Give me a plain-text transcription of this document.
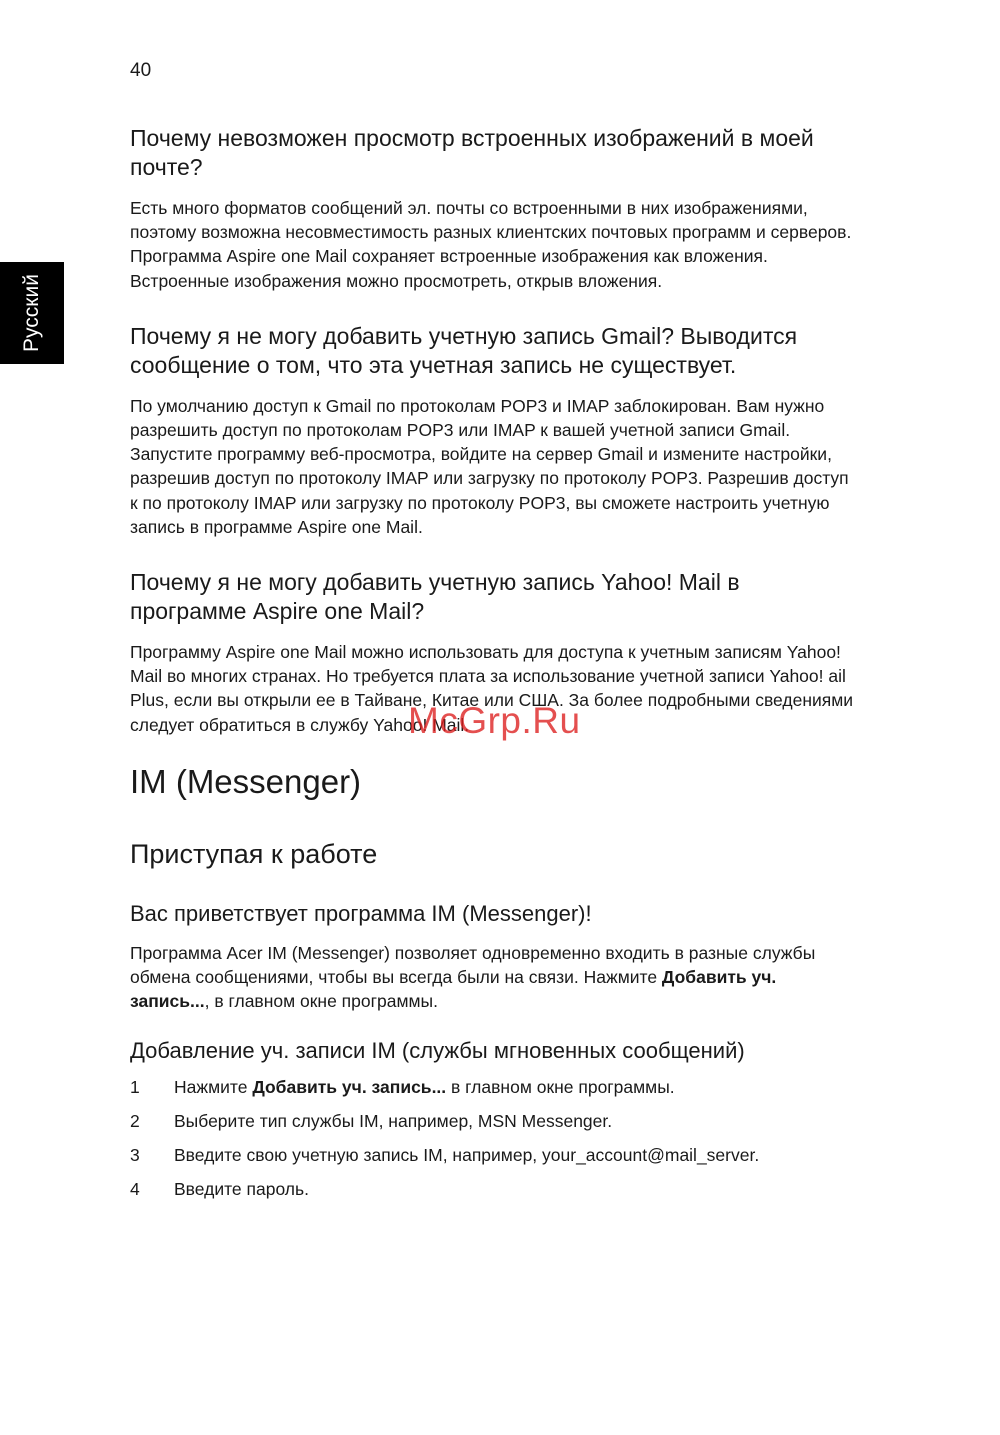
40
Русский
Почему невозможен просмотр встроенных изображений в моей почте?

Есть много форматов сообщений эл. почты со встроенными в них изображениями, поэтому возможна несовместимость разных клиентских почтовых программ и серверов. Программа Aspire one Mail сохраняет встроенные изображения как вложения. Встроенные изображения можно просмотреть, открыв вложения.

Почему я не могу добавить учетную запись Gmail? Выводится сообщение о том, что эта учетная запись не существует.

По умолчанию доступ к Gmail по протоколам POP3 и IMAP заблокирован. Вам нужно разрешить доступ по протоколам POP3 или IMAP к вашей учетной записи Gmail. Запустите программу веб-просмотра, войдите на сервер Gmail и измените настройки, разрешив доступ по протоколу IMAP или загрузку по протоколу POP3. Разрешив доступ к по протоколу IMAP или загрузку по протоколу POP3, вы сможете настроить учетную запись в программе Aspire one Mail.

Почему я не могу добавить учетную запись Yahoo! Mail в программе Aspire one Mail?

Программу Aspire one Mail можно использовать для доступа к учетным записям Yahoo! Mail во многих странах. Но требуется плата за использование учетной записи Yahoo! ail Plus, если вы открыли ее в Тайване, Китае или США. За более подробными сведениями следует обратиться в службу Yahoo! Mail.

IM (Messenger)
Приступая к работе
Вас приветствует программа IM (Messenger)!

Программа Acer IM (Messenger) позволяет одновременно входить в разные службы обмена сообщениями, чтобы вы всегда были на связи. Нажмите Добавить уч. запись..., в главном окне программы.

Добавление уч. записи IM (службы мгновенных сообщений)
1 Нажмите Добавить уч. запись... в главном окне программы.
2 Выберите тип службы IM, например, MSN Messenger.
3 Введите свою учетную запись IM, например, your_account@mail_server.
4 Введите пароль.
McGrp.Ru
